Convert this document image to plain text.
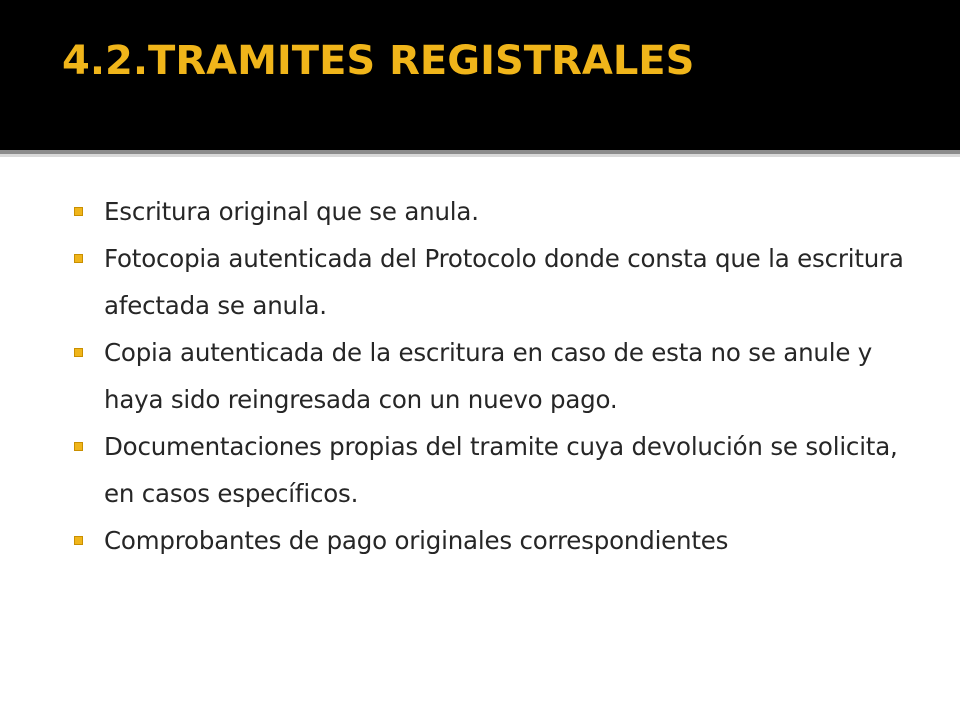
4.2.TRAMITES REGISTRALES
Escritura original que se anula.
Fotocopia autenticada del Protocolo donde consta que la escritura afectada se anula.
Copia autenticada de la escritura en caso de esta no se anule y haya sido reingresada con un nuevo pago.
Documentaciones propias del tramite cuya devolución se solicita, en casos específicos.
Comprobantes de pago originales correspondientes
